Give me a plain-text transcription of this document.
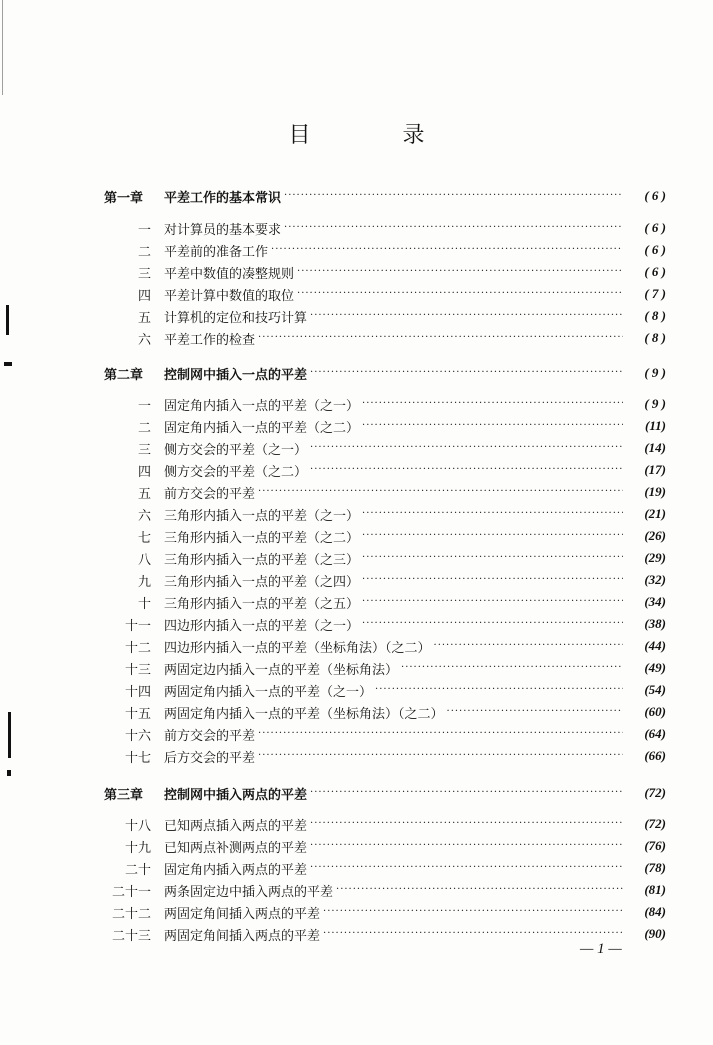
目	录
第一章	平差工作的基本常识 ·····	( 6 )
一 对计算员的基本要求 ·····	( 6 )
二 平差前的准备工作 ·····	( 6 )
三 平差中数值的凑整规则 ·····	( 6 )
四 平差计算中数值的取位 ·····	( 7 )
五 计算机的定位和技巧计算 ·····	( 8 )
六 平差工作的检查 ·····	( 8 )
第二章	控制网中插入一点的平差 ·····	( 9 )
一 固定角内插入一点的平差（之一） ·····	( 9 )
二 固定角内插入一点的平差（之二） ·····	(11)
三 侧方交会的平差（之一） ·····	(14)
四 侧方交会的平差（之二） ·····	(17)
五 前方交会的平差 ·····	(19)
六 三角形内插入一点的平差（之一） ·····	(21)
七 三角形内插入一点的平差（之二） ·····	(26)
八 三角形内插入一点的平差（之三） ·····	(29)
九 三角形内插入一点的平差（之四） ·····	(32)
十 三角形内插入一点的平差（之五） ·····	(34)
十一 四边形内插入一点的平差（之一） ·····	(38)
十二 四边形内插入一点的平差（坐标角法）（之二） ·····	(44)
十三 两固定边内插入一点的平差（坐标角法） ·····	(49)
十四 两固定角内插入一点的平差（之一） ·····	(54)
十五 两固定角内插入一点的平差（坐标角法）（之二） ·····	(60)
十六 前方交会的平差 ·····	(64)
十七 后方交会的平差 ·····	(66)
第三章	控制网中插入两点的平差 ·····	(72)
十八 已知两点插入两点的平差 ·····	(72)
十九 已知两点补测两点的平差 ·····	(76)
二十 固定角内插入两点的平差 ·····	(78)
二十一 两条固定边中插入两点的平差 ·····	(81)
二十二 两固定角间插入两点的平差 ·····	(84)
二十三 两固定角间插入两点的平差 ·····	(90)
— 1 —
